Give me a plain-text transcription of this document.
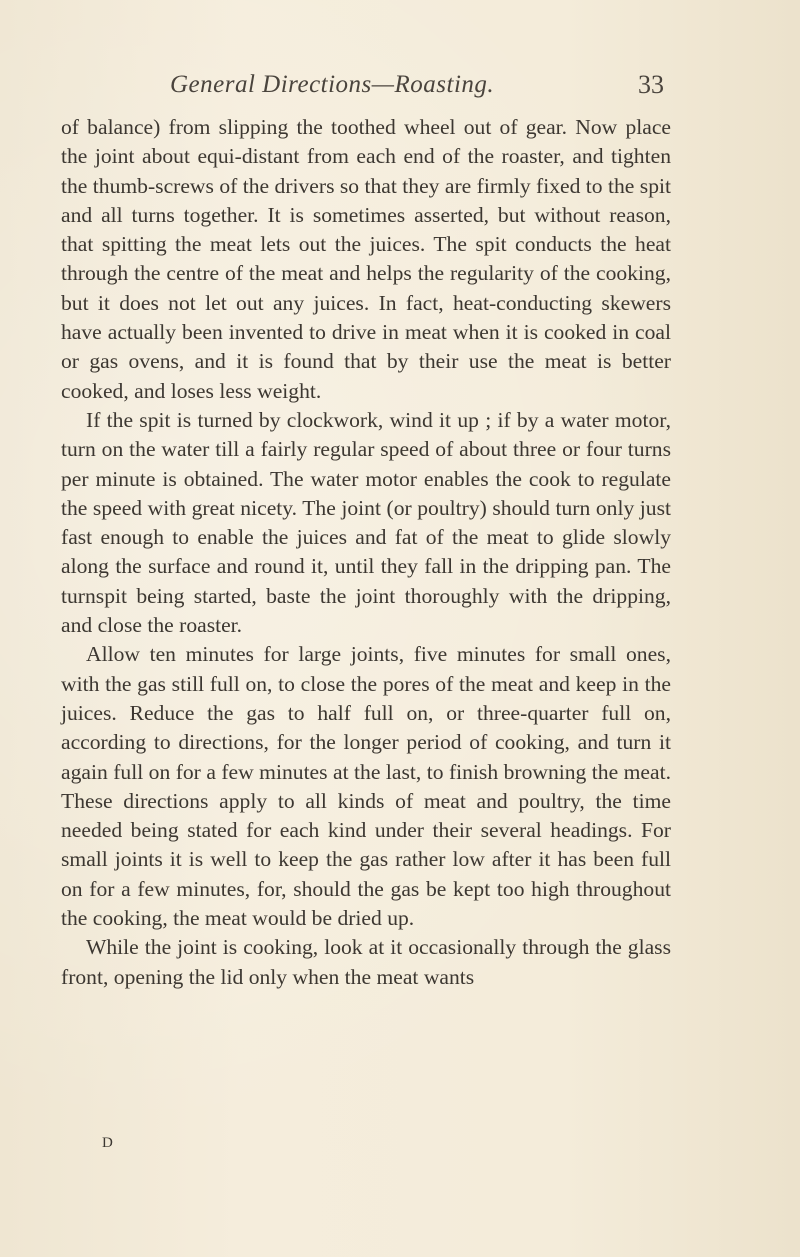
General Directions—Roasting.	33

of balance) from slipping the toothed wheel out of gear. Now place the joint about equi-distant from each end of the roaster, and tighten the thumb-screws of the drivers so that they are firmly fixed to the spit and all turns together. It is sometimes asserted, but without reason, that spitting the meat lets out the juices. The spit conducts the heat through the centre of the meat and helps the regularity of the cooking, but it does not let out any juices. In fact, heat-conducting skewers have actually been invented to drive in meat when it is cooked in coal or gas ovens, and it is found that by their use the meat is better cooked, and loses less weight.

If the spit is turned by clockwork, wind it up ; if by a water motor, turn on the water till a fairly regular speed of about three or four turns per minute is obtained. The water motor enables the cook to regulate the speed with great nicety. The joint (or poultry) should turn only just fast enough to enable the juices and fat of the meat to glide slowly along the surface and round it, until they fall in the dripping pan. The turnspit being started, baste the joint thoroughly with the dripping, and close the roaster.

Allow ten minutes for large joints, five minutes for small ones, with the gas still full on, to close the pores of the meat and keep in the juices. Reduce the gas to half full on, or three-quarter full on, according to directions, for the longer period of cooking, and turn it again full on for a few minutes at the last, to finish browning the meat. These directions apply to all kinds of meat and poultry, the time needed being stated for each kind under their several headings. For small joints it is well to keep the gas rather low after it has been full on for a few minutes, for, should the gas be kept too high throughout the cooking, the meat would be dried up.

While the joint is cooking, look at it occasionally through the glass front, opening the lid only when the meat wants

D
